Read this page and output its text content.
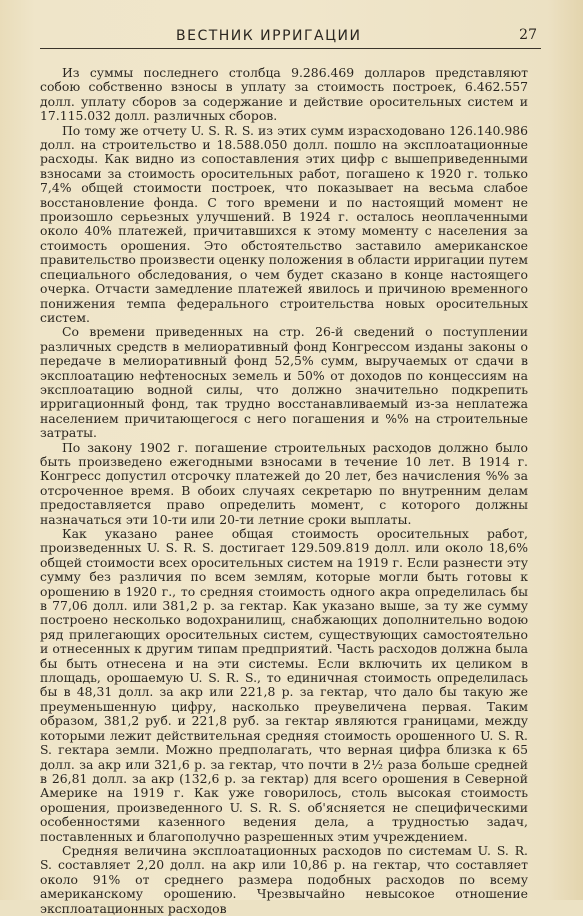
ВЕСТНИК ИРРИГАЦИИ	27

Из суммы последнего столбца 9.286.469 долларов представляют собою собственно взносы в уплату за стоимость построек, 6.462.557 долл. уплату сборов за содержание и действие оросительных систем и 17.115.032 долл. различных сборов.

По тому же отчету U. S. R. S. из этих сумм израсходовано 126.140.986 долл. на строительство и 18.588.050 долл. пошло на эксплоатационные расходы. Как видно из сопоставления этих цифр с вышеприведенными взносами за стоимость оросительных работ, погашено к 1920 г. только 7,4% общей стоимости построек, что показывает на весьма слабое восстановление фонда. С того времени и по настоящий момент не произошло серьезных улучшений. В 1924 г. осталось неоплаченными около 40% платежей, причитавшихся к этому моменту с населения за стоимость орошения. Это обстоятельство заставило американское правительство произвести оценку положения в области ирригации путем специального обследования, о чем будет сказано в конце настоящего очерка. Отчасти замедление платежей явилось и причиною временного понижения темпа федерального строительства новых оросительных систем.

Со времени приведенных на стр. 26-й сведений о поступлении различных средств в мелиоративный фонд Конгрессом изданы законы о передаче в мелиоративный фонд 52,5% сумм, выручаемых от сдачи в эксплоатацию нефтеносных земель и 50% от доходов по концессиям на эксплоатацию водной силы, что должно значительно подкрепить ирригационный фонд, так трудно восстанавливаемый из-за неплатежа населением причитающегося с него погашения и %% на строительные затраты.

По закону 1902 г. погашение строительных расходов должно было быть произведено ежегодными взносами в течение 10 лет. В 1914 г. Конгресс допустил отсрочку платежей до 20 лет, без начисления %% за отсроченное время. В обоих случаях секретарю по внутренним делам предоставляется право определить момент, с которого должны назначаться эти 10-ти или 20-ти летние сроки выплаты.

Как указано ранее общая стоимость оросительных работ, произведенных U. S. R. S. достигает 129.509.819 долл. или около 18,6% общей стоимости всех оросительных систем на 1919 г. Если разнести эту сумму без различия по всем землям, которые могли быть готовы к орошению в 1920 г., то средняя стоимость одного акра определилась бы в 77,06 долл. или 381,2 р. за гектар. Как указано выше, за ту же сумму построено несколько водохранилищ, снабжающих дополнительно водою ряд прилегающих оросительных систем, существующих самостоятельно и отнесенных к другим типам предприятий. Часть расходов должна была бы быть отнесена и на эти системы. Если включить их целиком в площадь, орошаемую U. S. R. S., то единичная стоимость определилась бы в 48,31 долл. за акр или 221,8 р. за гектар, что дало бы такую же преуменьшенную цифру, насколько преувеличена первая. Таким образом, 381,2 руб. и 221,8 руб. за гектар являются границами, между которыми лежит действительная средняя стоимость орошенного U. S. R. S. гектара земли. Можно предполагать, что верная цифра близка к 65 долл. за акр или 321,6 р. за гектар, что почти в 2½ раза больше средней в 26,81 долл. за акр (132,6 р. за гектар) для всего орошения в Северной Америке на 1919 г. Как уже говорилось, столь высокая стоимость орошения, произведенного U. S. R. S. об'ясняется не специфическими особенностями казенного ведения дела, а трудностью задач, поставленных и благополучно разрешенных этим учреждением.

Средняя величина эксплоатационных расходов по системам U. S. R. S. составляет 2,20 долл. на акр или 10,86 р. на гектар, что составляет около 91% от среднего размера подобных расходов по всему американскому орошению. Чрезвычайно невысокое отношение эксплоатационных расходов
